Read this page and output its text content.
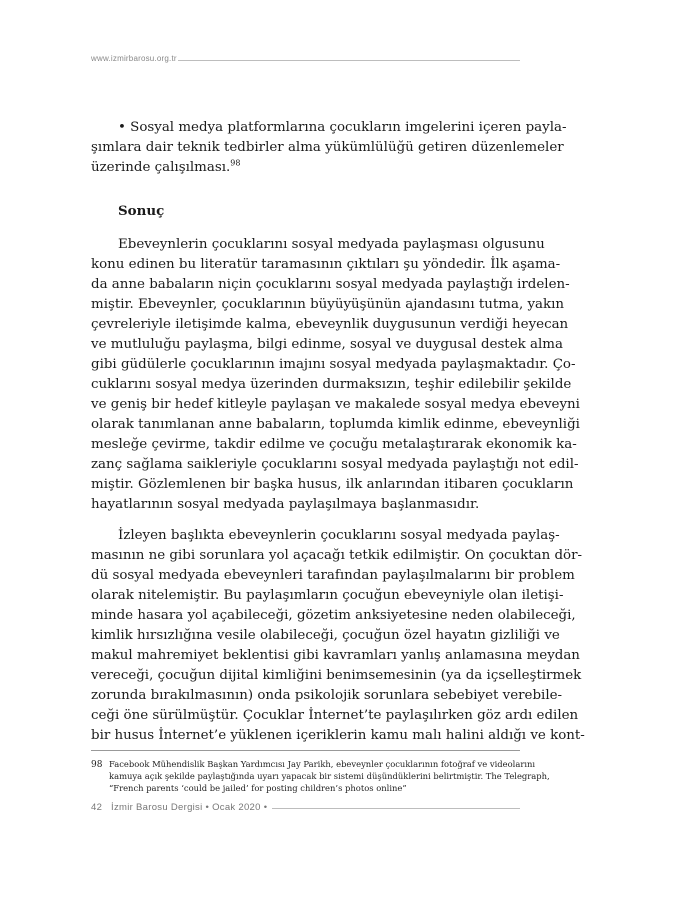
www.izmirbarosu.org.tr
• Sosyal medya platformlarına çocukların imgelerini içeren payla-
şımlara dair teknik tedbirler alma yükümlülüğü getiren düzenlemeler
üzerinde çalışılması.$^{98}$
Sonuç
Ebeveynlerin çocuklarını sosyal medyada paylaşması olgusunu
konu edinen bu literatür taramasının çıktıları şu yöndedir. İlk aşama-
da anne babaların niçin çocuklarını sosyal medyada paylaştığı irdelen-
miştir. Ebeveynler, çocuklarının büyüyüşünün ajandasını tutma, yakın
çevreleriyle iletişimde kalma, ebeveynlik duygusunun verdiği heyecan
ve mutluluğu paylaşma, bilgi edinme, sosyal ve duygusal destek alma
gibi güdülerle çocuklarının imajını sosyal medyada paylaşmaktadır. Ço-
cuklarını sosyal medya üzerinden durmaksızın, teşhir edilebilir şekilde
ve geniş bir hedef kitleyle paylaşan ve makalede sosyal medya ebeveyni
olarak tanımlanan anne babaların, toplumda kimlik edinme, ebeveynliği
mesleğe çevirme, takdir edilme ve çocuğu metalaştırarak ekonomik ka-
zanç sağlama saikleriyle çocuklarını sosyal medyada paylaştığı not edil-
miştir. Gözlemlenen bir başka husus, ilk anlarından itibaren çocukların
hayatlarının sosyal medyada paylaşılmaya başlanmasıdır.
İzleyen başlıkta ebeveynlerin çocuklarını sosyal medyada paylaş-
masının ne gibi sorunlara yol açacağı tetkik edilmiştir. On çocuktan dör-
dü sosyal medyada ebeveynleri tarafından paylaşılmalarını bir problem
olarak nitelemiştir. Bu paylaşımların çocuğun ebeveyniyle olan iletişi-
minde hasara yol açabileceği, gözetim anksiyetesine neden olabileceği,
kimlik hırsızlığına vesile olabileceği, çocuğun özel hayatın gizliliği ve
makul mahremiyet beklentisi gibi kavramları yanlış anlamasına meydan
vereceği, çocuğun dijital kimliğini benimsemesinin (ya da içselleştirmek
zorunda bırakılmasının) onda psikolojik sorunlara sebebiyet verebile-
ceği öne sürülmüştür. Çocuklar İnternet’te paylaşılırken göz ardı edilen
bir husus İnternet’e yüklenen içeriklerin kamu malı halini aldığı ve kont-
98 Facebook Mühendislik Başkan Yardımcısı Jay Parikh, ebeveynler çocuklarının fotoğraf ve videolarını
kamuya açık şekilde paylaştığında uyarı yapacak bir sistemi düşündüklerini belirtmiştir. The Telegraph,
“French parents ‘could be jailed’ for posting children’s photos online”
42 İzmir Barosu Dergisi • Ocak 2020 •
